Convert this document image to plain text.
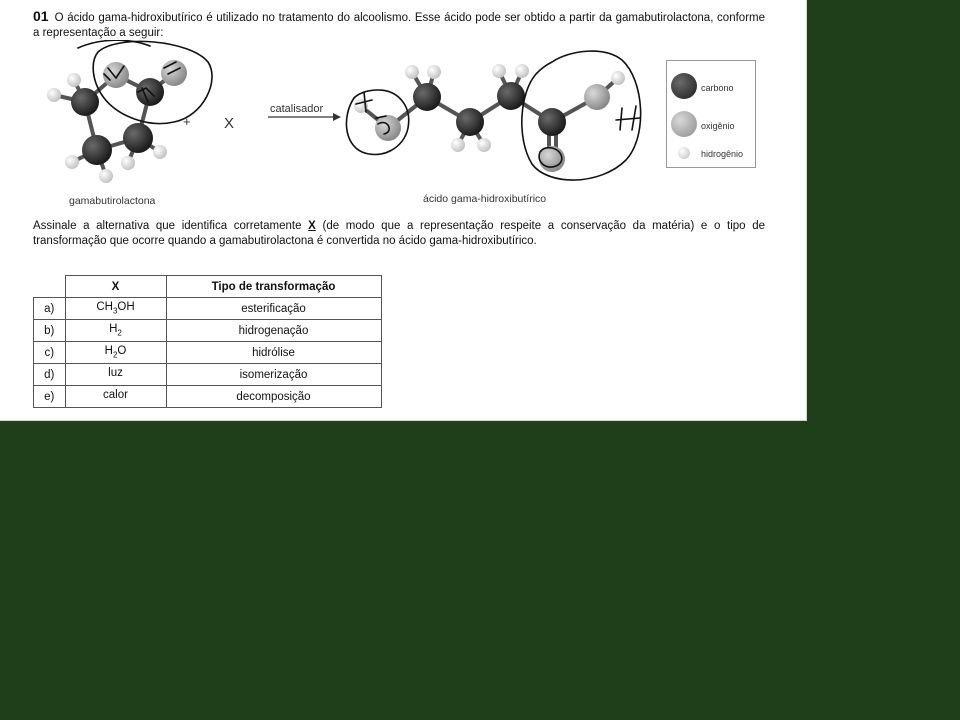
01 O ácido gama-hidroxibutírico é utilizado no tratamento do alcoolismo. Esse ácido pode ser obtido a partir da gamabutirolactona, conforme a representação a seguir:
+ X
catalisador
gamabutirolactona	ácido gama-hidroxibutírico
carbono
oxigênio
hidrogênio
Assinale a alternativa que identifica corretamente X (de modo que a representação respeite a conservação da matéria) e o tipo de transformação que ocorre quando a gamabutirolactona é convertida no ácido gama-hidroxibutírico.
	X	Tipo de transformação
a)	$CH_3OH$	esterificação
b)	$H_2$	hidrogenação
c)	$H_2O$	hidrólise
d)	luz	isomerização
e)	calor	decomposição
